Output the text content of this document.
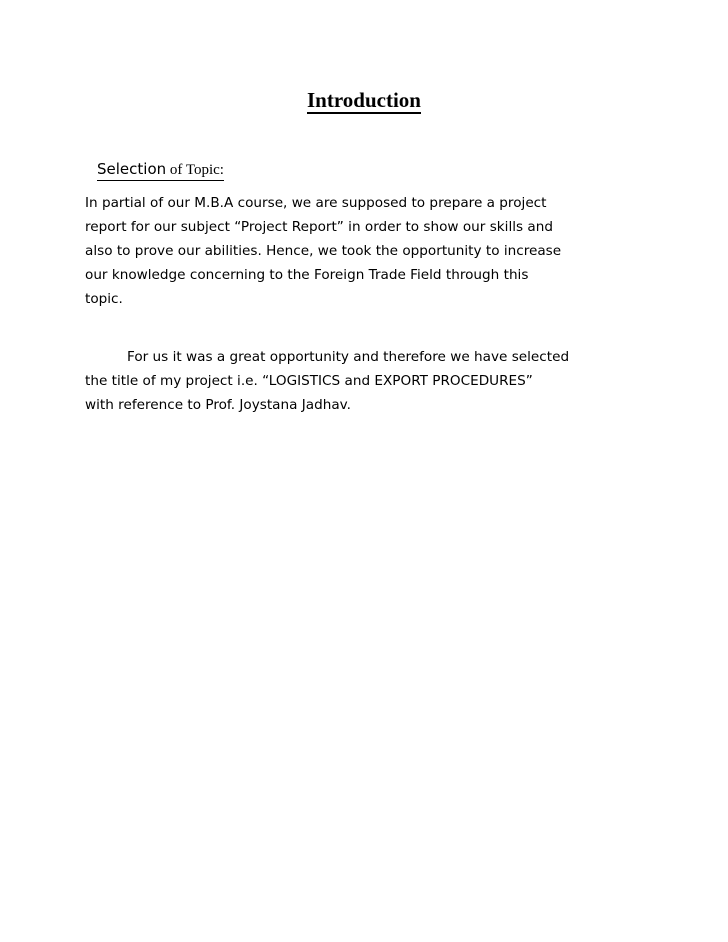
Introduction
Selection of Topic:
In partial of our M.B.A course, we are supposed to prepare a project
report for our subject “Project Report” in order to show our skills and
also to prove our abilities. Hence, we took the opportunity to increase
our knowledge concerning to the Foreign Trade Field through this
topic.
For us it was a great opportunity and therefore we have selected
the title of my project i.e. “LOGISTICS and EXPORT PROCEDURES”
with reference to Prof. Joystana Jadhav.
